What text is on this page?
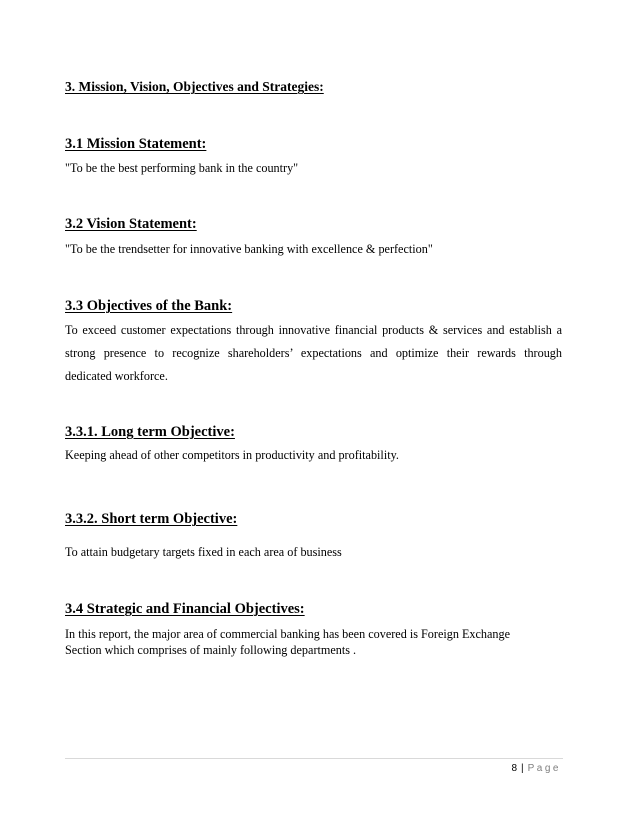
3. Mission, Vision, Objectives and Strategies:
3.1 Mission Statement:
"To be the best performing bank in the country"
3.2 Vision Statement:
"To be the trendsetter for innovative banking with excellence & perfection"
3.3 Objectives of the Bank:
To exceed customer expectations through innovative financial products & services and establish a
strong presence to recognize shareholders’ expectations and optimize their rewards through
dedicated workforce.
3.3.1. Long term Objective:
Keeping ahead of other competitors in productivity and profitability.
3.3.2. Short term Objective:
To attain budgetary targets fixed in each area of business
3.4 Strategic and Financial Objectives:
In this report, the major area of commercial banking has been covered is Foreign Exchange
Section which comprises of mainly following departments .
8 | Page
